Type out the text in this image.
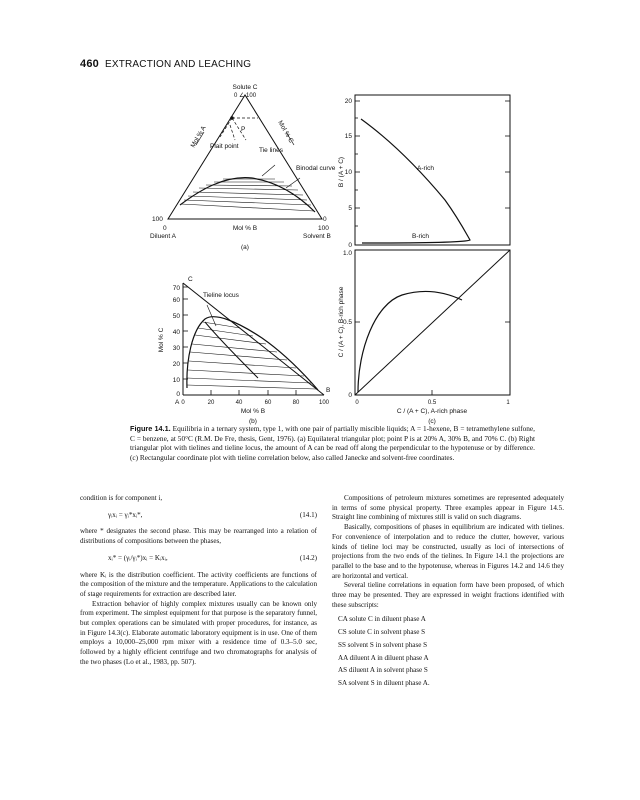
460 EXTRACTION AND LEACHING
Solute C
0 ∠ 100
Mol % A	Mol % C
P
Plait point
Tie lines
Binodal curve
Mol % B
100
0
0
100
Diluent A	Solvent B
(a)
B / (A + C)
20
15
10
5
0
A-rich
B-rich
C
Mol % C
70
60
50
40
30
20
10
0
A
B
0	20	40	60	80	100
Tieline locus
Mol % B
(b)
C / (A + C), B-rich phase
1.0
0.5
0
0	0.5	1
C / (A + C), A-rich phase
(c)
Figure 14.1. Equilibria in a ternary system, type 1, with one pair of partially miscible liquids; A = 1-hexene, B = tetramethylene sulfone, C = benzene, at 50°C (R.M. De Fre, thesis, Gent, 1976). (a) Equilateral triangular plot; point P is at 20% A, 30% B, and 70% C. (b) Right triangular plot with tielines and tieline locus, the amount of A can be read off along the perpendicular to the hypotenuse or by difference. (c) Rectangular coordinate plot with tieline correlation below, also called Janecke and solvent-free coordinates.

condition is for component i,

γᵢxᵢ = γᵢ*xᵢ*,	(14.1)

where * designates the second phase. This may be rearranged into a relation of distributions of compositions between the phases,

xᵢ* = (γᵢ/γᵢ*)xᵢ = Kᵢxᵢ,	(14.2)

where Kᵢ is the distribution coefficient. The activity coefficients are functions of the composition of the mixture and the temperature. Applications to the calculation of stage requirements for extraction are described later.

Extraction behavior of highly complex mixtures usually can be known only from experiment. The simplest equipment for that purpose is the separatory funnel, but complex operations can be simulated with proper procedures, for instance, as in Figure 14.3(c). Elaborate automatic laboratory equipment is in use. One of them employs a 10,000–25,000 rpm mixer with a residence time of 0.3–5.0 sec, followed by a highly efficient centrifuge and two chromatographs for analysis of the two phases (Lo et al., 1983, pp. 507).

Compositions of petroleum mixtures sometimes are represented adequately in terms of some physical property. Three examples appear in Figure 14.5. Straight line combining of mixtures still is valid on such diagrams.

Basically, compositions of phases in equilibrium are indicated with tielines. For convenience of interpolation and to reduce the clutter, however, various kinds of tieline loci may be constructed, usually as loci of intersections of projections from the two ends of the tielines. In Figure 14.1 the projections are parallel to the base and to the hypotenuse, whereas in Figures 14.2 and 14.6 they are horizontal and vertical.

Several tieline correlations in equation form have been proposed, of which three may be presented. They are expressed in weight fractions identified with these subscripts:

CA solute C in diluent phase A
CS solute C in solvent phase S
SS solvent S in solvent phase S
AA diluent A in diluent phase A
AS diluent A in solvent phase S
SA solvent S in diluent phase A.
